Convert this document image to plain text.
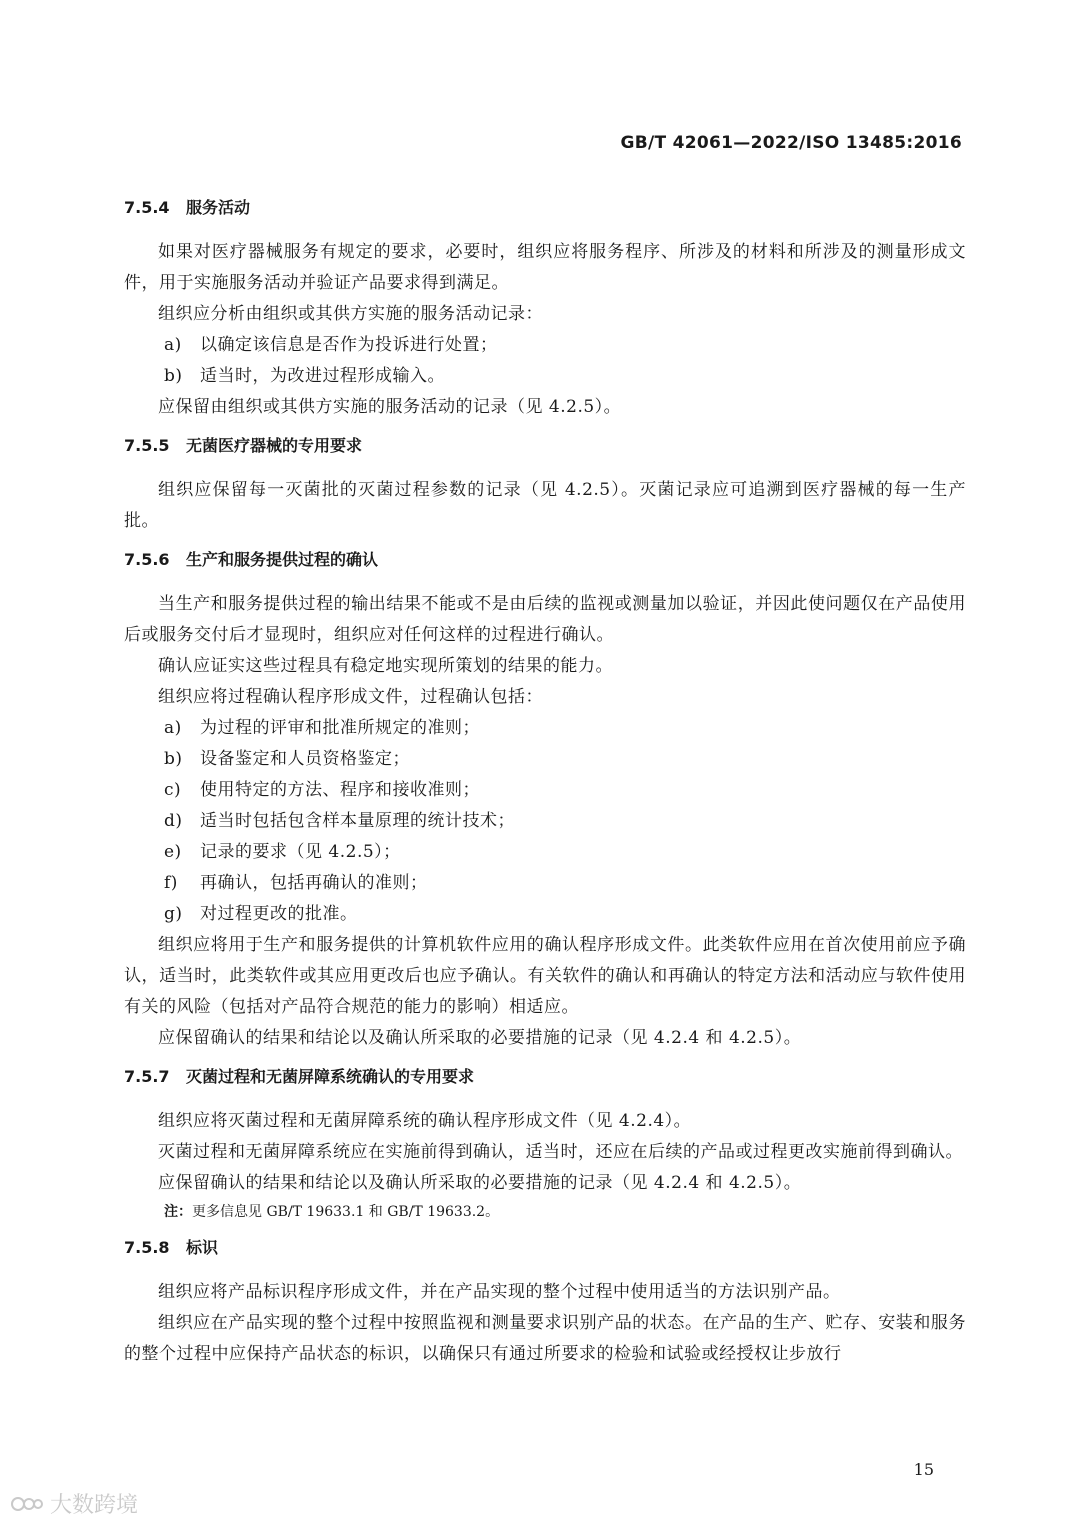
GB/T 42061—2022/ISO 13485:2016
7.5.4 服务活动

如果对医疗器械服务有规定的要求，必要时，组织应将服务程序、所涉及的材料和所涉及的测量形成文件，用于实施服务活动并验证产品要求得到满足。

组织应分析由组织或其供方实施的服务活动记录：

a) 以确定该信息是否作为投诉进行处置；
b) 适当时，为改进过程形成输入。

应保留由组织或其供方实施的服务活动的记录（见 4.2.5）。

7.5.5 无菌医疗器械的专用要求

组织应保留每一灭菌批的灭菌过程参数的记录（见 4.2.5）。灭菌记录应可追溯到医疗器械的每一生产批。

7.5.6 生产和服务提供过程的确认

当生产和服务提供过程的输出结果不能或不是由后续的监视或测量加以验证，并因此使问题仅在产品使用后或服务交付后才显现时，组织应对任何这样的过程进行确认。

确认应证实这些过程具有稳定地实现所策划的结果的能力。

组织应将过程确认程序形成文件，过程确认包括：

a) 为过程的评审和批准所规定的准则；
b) 设备鉴定和人员资格鉴定；
c) 使用特定的方法、程序和接收准则；
d) 适当时包括包含样本量原理的统计技术；
e) 记录的要求（见 4.2.5）；
f) 再确认，包括再确认的准则；
g) 对过程更改的批准。

组织应将用于生产和服务提供的计算机软件应用的确认程序形成文件。此类软件应用在首次使用前应予确认，适当时，此类软件或其应用更改后也应予确认。有关软件的确认和再确认的特定方法和活动应与软件使用有关的风险（包括对产品符合规范的能力的影响）相适应。

应保留确认的结果和结论以及确认所采取的必要措施的记录（见 4.2.4 和 4.2.5）。

7.5.7 灭菌过程和无菌屏障系统确认的专用要求

组织应将灭菌过程和无菌屏障系统的确认程序形成文件（见 4.2.4）。

灭菌过程和无菌屏障系统应在实施前得到确认，适当时，还应在后续的产品或过程更改实施前得到确认。

应保留确认的结果和结论以及确认所采取的必要措施的记录（见 4.2.4 和 4.2.5）。

注：更多信息见 GB/T 19633.1 和 GB/T 19633.2。

7.5.8 标识

组织应将产品标识程序形成文件，并在产品实现的整个过程中使用适当的方法识别产品。

组织应在产品实现的整个过程中按照监视和测量要求识别产品的状态。在产品的生产、贮存、安装和服务的整个过程中应保持产品状态的标识，以确保只有通过所要求的检验和试验或经授权让步放行

15
大数跨境
